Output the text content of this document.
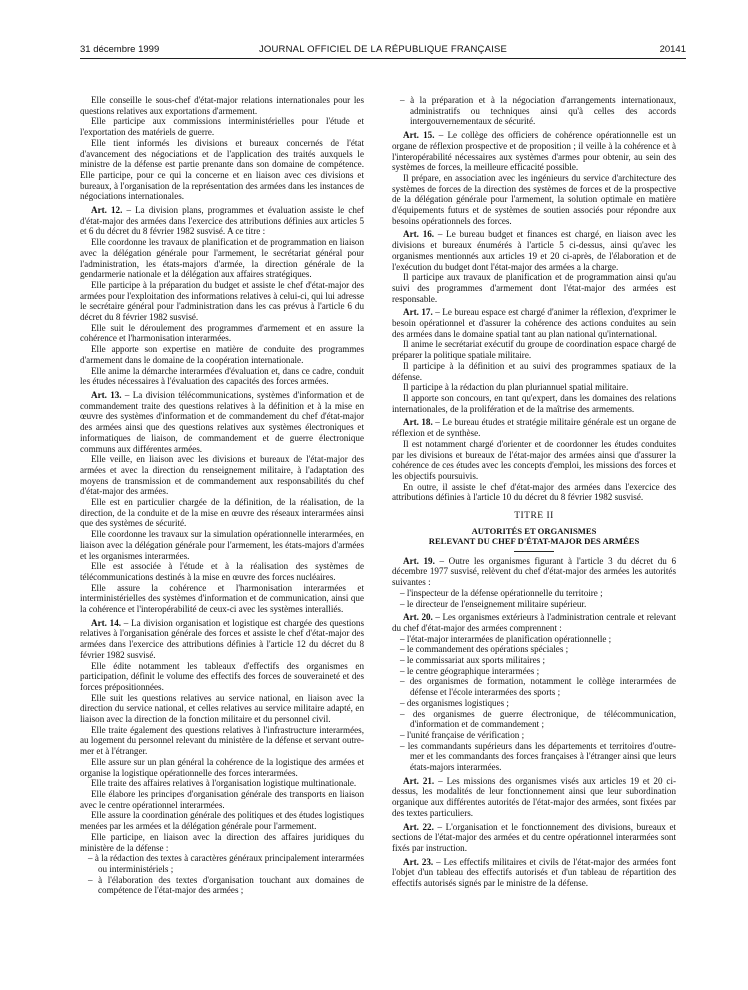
31 décembre 1999	JOURNAL OFFICIEL DE LA RÉPUBLIQUE FRANÇAISE	20141

Elle conseille le sous-chef d'état-major relations internationales pour les questions relatives aux exportations d'armement.

Elle participe aux commissions interministérielles pour l'étude et l'exportation des matériels de guerre.

Elle tient informés les divisions et bureaux concernés de l'état d'avancement des négociations et de l'application des traités auxquels le ministre de la défense est partie prenante dans son domaine de compétence. Elle participe, pour ce qui la concerne et en liaison avec ces divisions et bureaux, à l'organisation de la représentation des armées dans les instances de négociations internationales.

Art. 12. – La division plans, programmes et évaluation assiste le chef d'état-major des armées dans l'exercice des attributions définies aux articles 5 et 6 du décret du 8 février 1982 susvisé. A ce titre :

Elle coordonne les travaux de planification et de programmation en liaison avec la délégation générale pour l'armement, le secrétariat général pour l'administration, les états-majors d'armée, la direction générale de la gendarmerie nationale et la délégation aux affaires stratégiques.

Elle participe à la préparation du budget et assiste le chef d'état-major des armées pour l'exploitation des informations relatives à celui-ci, qui lui adresse le secrétaire général pour l'administration dans les cas prévus à l'article 6 du décret du 8 février 1982 susvisé.

Elle suit le déroulement des programmes d'armement et en assure la cohérence et l'harmonisation interarmées.

Elle apporte son expertise en matière de conduite des programmes d'armement dans le domaine de la coopération internationale.

Elle anime la démarche interarmées d'évaluation et, dans ce cadre, conduit les études nécessaires à l'évaluation des capacités des forces armées.

Art. 13. – La division télécommunications, systèmes d'information et de commandement traite des questions relatives à la définition et à la mise en œuvre des systèmes d'information et de commandement du chef d'état-major des armées ainsi que des questions relatives aux systèmes électroniques et informatiques de liaison, de commandement et de guerre électronique communs aux différentes armées.

Elle veille, en liaison avec les divisions et bureaux de l'état-major des armées et avec la direction du renseignement militaire, à l'adaptation des moyens de transmission et de commandement aux responsabilités du chef d'état-major des armées.

Elle est en particulier chargée de la définition, de la réalisation, de la direction, de la conduite et de la mise en œuvre des réseaux interarmées ainsi que des systèmes de sécurité.

Elle coordonne les travaux sur la simulation opérationnelle interarmées, en liaison avec la délégation générale pour l'armement, les états-majors d'armées et les organismes interarmées.

Elle est associée à l'étude et à la réalisation des systèmes de télécommunications destinés à la mise en œuvre des forces nucléaires.

Elle assure la cohérence et l'harmonisation interarmées et interministérielles des systèmes d'information et de communication, ainsi que la cohérence et l'interopérabilité de ceux-ci avec les systèmes interalliés.

Art. 14. – La division organisation et logistique est chargée des questions relatives à l'organisation générale des forces et assiste le chef d'état-major des armées dans l'exercice des attributions définies à l'article 12 du décret du 8 février 1982 susvisé.

Elle édite notamment les tableaux d'effectifs des organismes en participation, définit le volume des effectifs des forces de souveraineté et des forces prépositionnées.

Elle suit les questions relatives au service national, en liaison avec la direction du service national, et celles relatives au service militaire adapté, en liaison avec la direction de la fonction militaire et du personnel civil.

Elle traite également des questions relatives à l'infrastructure interarmées, au logement du personnel relevant du ministère de la défense et servant outre-mer et à l'étranger.

Elle assure sur un plan général la cohérence de la logistique des armées et organise la logistique opérationnelle des forces interarmées.

Elle traite des affaires relatives à l'organisation logistique multinationale.

Elle élabore les principes d'organisation générale des transports en liaison avec le centre opérationnel interarmées.

Elle assure la coordination générale des politiques et des études logistiques menées par les armées et la délégation générale pour l'armement.

Elle participe, en liaison avec la direction des affaires juridiques du ministère de la défense :

– à la rédaction des textes à caractères généraux principalement interarmées ou interministériels ;

– à l'élaboration des textes d'organisation touchant aux domaines de compétence de l'état-major des armées ;

– à la préparation et à la négociation d'arrangements internationaux, administratifs ou techniques ainsi qu'à celles des accords intergouvernementaux de sécurité.

Art. 15. – Le collège des officiers de cohérence opérationnelle est un organe de réflexion prospective et de proposition ; il veille à la cohérence et à l'interopérabilité nécessaires aux systèmes d'armes pour obtenir, au sein des systèmes de forces, la meilleure efficacité possible.

Il prépare, en association avec les ingénieurs du service d'architecture des systèmes de forces de la direction des systèmes de forces et de la prospective de la délégation générale pour l'armement, la solution optimale en matière d'équipements futurs et de systèmes de soutien associés pour répondre aux besoins opérationnels des forces.

Art. 16. – Le bureau budget et finances est chargé, en liaison avec les divisions et bureaux énumérés à l'article 5 ci-dessus, ainsi qu'avec les organismes mentionnés aux articles 19 et 20 ci-après, de l'élaboration et de l'exécution du budget dont l'état-major des armées a la charge.

Il participe aux travaux de planification et de programmation ainsi qu'au suivi des programmes d'armement dont l'état-major des armées est responsable.

Art. 17. – Le bureau espace est chargé d'animer la réflexion, d'exprimer le besoin opérationnel et d'assurer la cohérence des actions conduites au sein des armées dans le domaine spatial tant au plan national qu'international.

Il anime le secrétariat exécutif du groupe de coordination espace chargé de préparer la politique spatiale militaire.

Il participe à la définition et au suivi des programmes spatiaux de la défense.

Il participe à la rédaction du plan pluriannuel spatial militaire.

Il apporte son concours, en tant qu'expert, dans les domaines des relations internationales, de la prolifération et de la maîtrise des armements.

Art. 18. – Le bureau études et stratégie militaire générale est un organe de réflexion et de synthèse.

Il est notamment chargé d'orienter et de coordonner les études conduites par les divisions et bureaux de l'état-major des armées ainsi que d'assurer la cohérence de ces études avec les concepts d'emploi, les missions des forces et les objectifs poursuivis.

En outre, il assiste le chef d'état-major des armées dans l'exercice des attributions définies à l'article 10 du décret du 8 février 1982 susvisé.

TITRE II

AUTORITÉS ET ORGANISMES

RELEVANT DU CHEF D'ÉTAT-MAJOR DES ARMÉES

Art. 19. – Outre les organismes figurant à l'article 3 du décret du 6 décembre 1977 susvisé, relèvent du chef d'état-major des armées les autorités suivantes :

– l'inspecteur de la défense opérationnelle du territoire ;

– le directeur de l'enseignement militaire supérieur.

Art. 20. – Les organismes extérieurs à l'administration centrale et relevant du chef d'état-major des armées comprennent :

– l'état-major interarmées de planification opérationnelle ;

– le commandement des opérations spéciales ;

– le commissariat aux sports militaires ;

– le centre géographique interarmées ;

– des organismes de formation, notamment le collège interarmées de défense et l'école interarmées des sports ;

– des organismes logistiques ;

– des organismes de guerre électronique, de télécommunication, d'information et de commandement ;

– l'unité française de vérification ;

– les commandants supérieurs dans les départements et territoires d'outre-mer et les commandants des forces françaises à l'étranger ainsi que leurs états-majors interarmées.

Art. 21. – Les missions des organismes visés aux articles 19 et 20 ci-dessus, les modalités de leur fonctionnement ainsi que leur subordination organique aux différentes autorités de l'état-major des armées, sont fixées par des textes particuliers.

Art. 22. – L'organisation et le fonctionnement des divisions, bureaux et sections de l'état-major des armées et du centre opérationnel interarmées sont fixés par instruction.

Art. 23. – Les effectifs militaires et civils de l'état-major des armées font l'objet d'un tableau des effectifs autorisés et d'un tableau de répartition des effectifs autorisés signés par le ministre de la défense.
